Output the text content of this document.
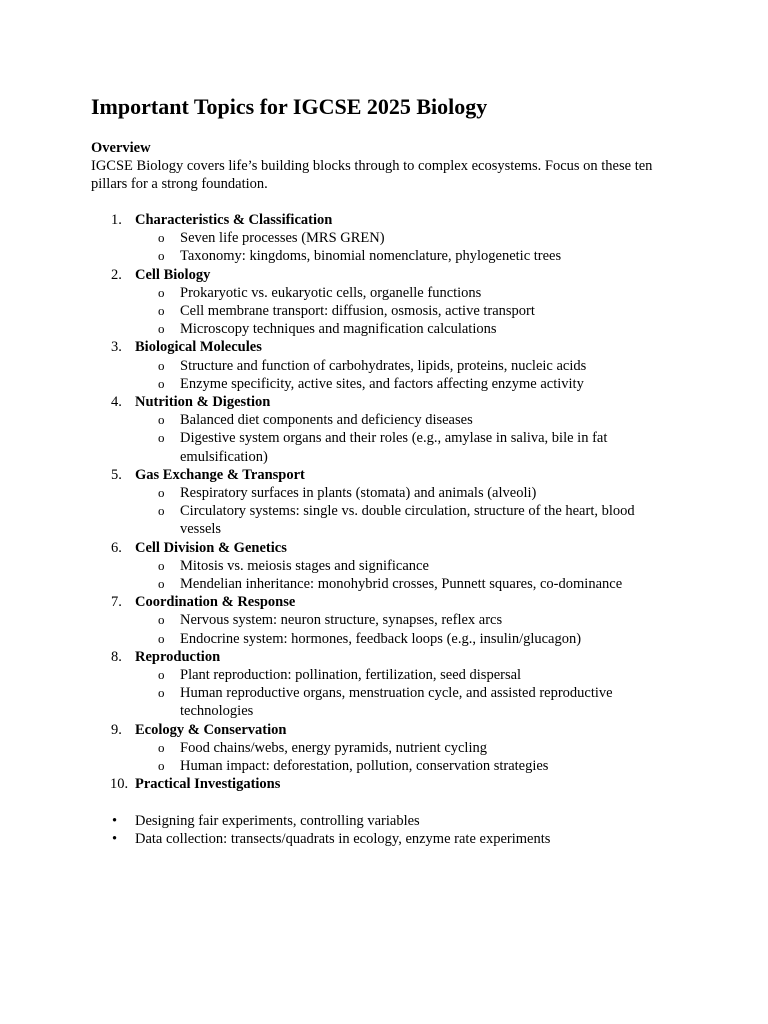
Important Topics for IGCSE 2025 Biology
Overview

IGCSE Biology covers life’s building blocks through to complex ecosystems. Focus on these ten pillars for a strong foundation.

1. Characteristics & Classification
o Seven life processes (MRS GREN)
o Taxonomy: kingdoms, binomial nomenclature, phylogenetic trees
2. Cell Biology
o Prokaryotic vs. eukaryotic cells, organelle functions
o Cell membrane transport: diffusion, osmosis, active transport
o Microscopy techniques and magnification calculations
3. Biological Molecules
o Structure and function of carbohydrates, lipids, proteins, nucleic acids
o Enzyme specificity, active sites, and factors affecting enzyme activity
4. Nutrition & Digestion
o Balanced diet components and deficiency diseases
o Digestive system organs and their roles (e.g., amylase in saliva, bile in fat emulsification)
5. Gas Exchange & Transport
o Respiratory surfaces in plants (stomata) and animals (alveoli)
o Circulatory systems: single vs. double circulation, structure of the heart, blood vessels
6. Cell Division & Genetics
o Mitosis vs. meiosis stages and significance
o Mendelian inheritance: monohybrid crosses, Punnett squares, co-dominance
7. Coordination & Response
o Nervous system: neuron structure, synapses, reflex arcs
o Endocrine system: hormones, feedback loops (e.g., insulin/glucagon)
8. Reproduction
o Plant reproduction: pollination, fertilization, seed dispersal
o Human reproductive organs, menstruation cycle, and assisted reproductive technologies
9. Ecology & Conservation
o Food chains/webs, energy pyramids, nutrient cycling
o Human impact: deforestation, pollution, conservation strategies
10. Practical Investigations
• Designing fair experiments, controlling variables
• Data collection: transects/quadrats in ecology, enzyme rate experiments
